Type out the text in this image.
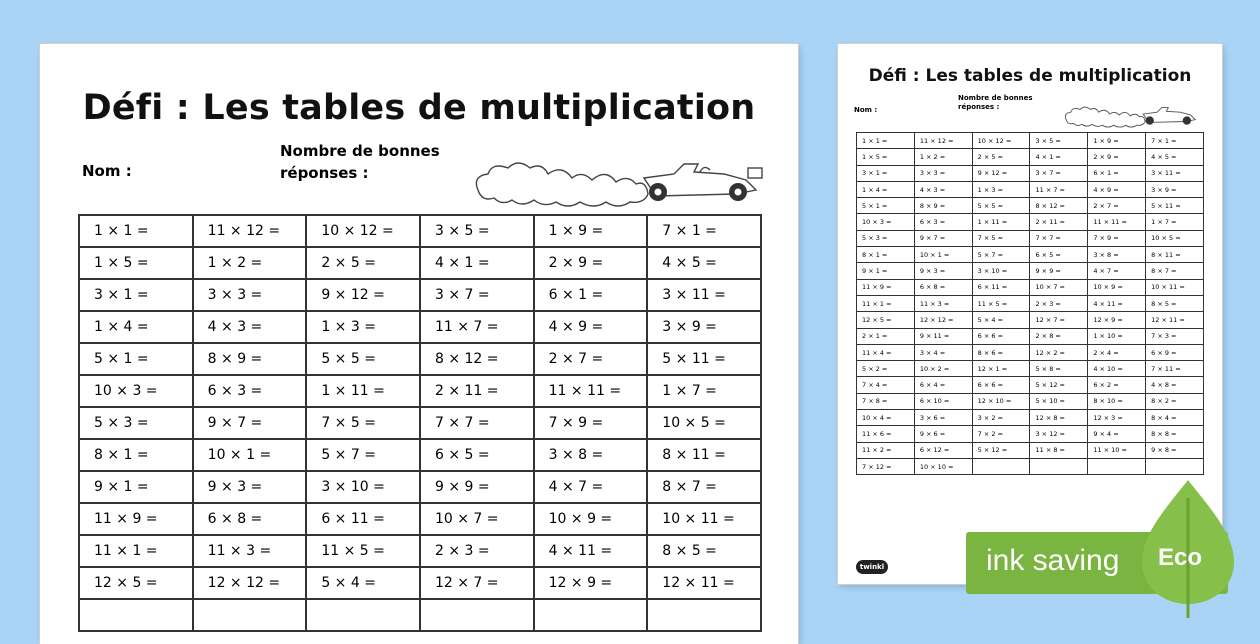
Défi : Les tables de multiplication
Nom :
Nombre de bonnes
réponses :
1 × 1 =	11 × 12 =	10 × 12 =	3 × 5 =	1 × 9 =	7 × 1 =
1 × 5 =	1 × 2 =	2 × 5 =	4 × 1 =	2 × 9 =	4 × 5 =
3 × 1 =	3 × 3 =	9 × 12 =	3 × 7 =	6 × 1 =	3 × 11 =
1 × 4 =	4 × 3 =	1 × 3 =	11 × 7 =	4 × 9 =	3 × 9 =
5 × 1 =	8 × 9 =	5 × 5 =	8 × 12 =	2 × 7 =	5 × 11 =
10 × 3 =	6 × 3 =	1 × 11 =	2 × 11 =	11 × 11 =	1 × 7 =
5 × 3 =	9 × 7 =	7 × 5 =	7 × 7 =	7 × 9 =	10 × 5 =
8 × 1 =	10 × 1 =	5 × 7 =	6 × 5 =	3 × 8 =	8 × 11 =
9 × 1 =	9 × 3 =	3 × 10 =	9 × 9 =	4 × 7 =	8 × 7 =
11 × 9 =	6 × 8 =	6 × 11 =	10 × 7 =	10 × 9 =	10 × 11 =
11 × 1 =	11 × 3 =	11 × 5 =	2 × 3 =	4 × 11 =	8 × 5 =
12 × 5 =	12 × 12 =	5 × 4 =	12 × 7 =	12 × 9 =	12 × 11 =

Défi : Les tables de multiplication
Nom :
Nombre de bonnes
réponses :
1 × 1 =	11 × 12 =	10 × 12 =	3 × 5 =	1 × 9 =	7 × 1 =
1 × 5 =	1 × 2 =	2 × 5 =	4 × 1 =	2 × 9 =	4 × 5 =
3 × 1 =	3 × 3 =	9 × 12 =	3 × 7 =	6 × 1 =	3 × 11 =
1 × 4 =	4 × 3 =	1 × 3 =	11 × 7 =	4 × 9 =	3 × 9 =
5 × 1 =	8 × 9 =	5 × 5 =	8 × 12 =	2 × 7 =	5 × 11 =
10 × 3 =	6 × 3 =	1 × 11 =	2 × 11 =	11 × 11 =	1 × 7 =
5 × 3 =	9 × 7 =	7 × 5 =	7 × 7 =	7 × 9 =	10 × 5 =
8 × 1 =	10 × 1 =	5 × 7 =	6 × 5 =	3 × 8 =	8 × 11 =
9 × 1 =	9 × 3 =	3 × 10 =	9 × 9 =	4 × 7 =	8 × 7 =
11 × 9 =	6 × 8 =	6 × 11 =	10 × 7 =	10 × 9 =	10 × 11 =
11 × 1 =	11 × 3 =	11 × 5 =	2 × 3 =	4 × 11 =	8 × 5 =
12 × 5 =	12 × 12 =	5 × 4 =	12 × 7 =	12 × 9 =	12 × 11 =
2 × 1 =	9 × 11 =	6 × 6 =	2 × 8 =	1 × 10 =	7 × 3 =
11 × 4 =	3 × 4 =	8 × 6 =	12 × 2 =	2 × 4 =	6 × 9 =
5 × 2 =	10 × 2 =	12 × 1 =	5 × 8 =	4 × 10 =	7 × 11 =
7 × 4 =	6 × 4 =	6 × 6 =	5 × 12 =	6 × 2 =	4 × 8 =
7 × 8 =	6 × 10 =	12 × 10 =	5 × 10 =	8 × 10 =	8 × 2 =
10 × 4 =	3 × 6 =	3 × 2 =	12 × 8 =	12 × 3 =	8 × 4 =
11 × 6 =	9 × 6 =	7 × 2 =	3 × 12 =	9 × 4 =	8 × 8 =
11 × 2 =	6 × 12 =	5 × 12 =	11 × 8 =	11 × 10 =	9 × 8 =
7 × 12 =	10 × 10 =				
twinkl	ink saving Eco
